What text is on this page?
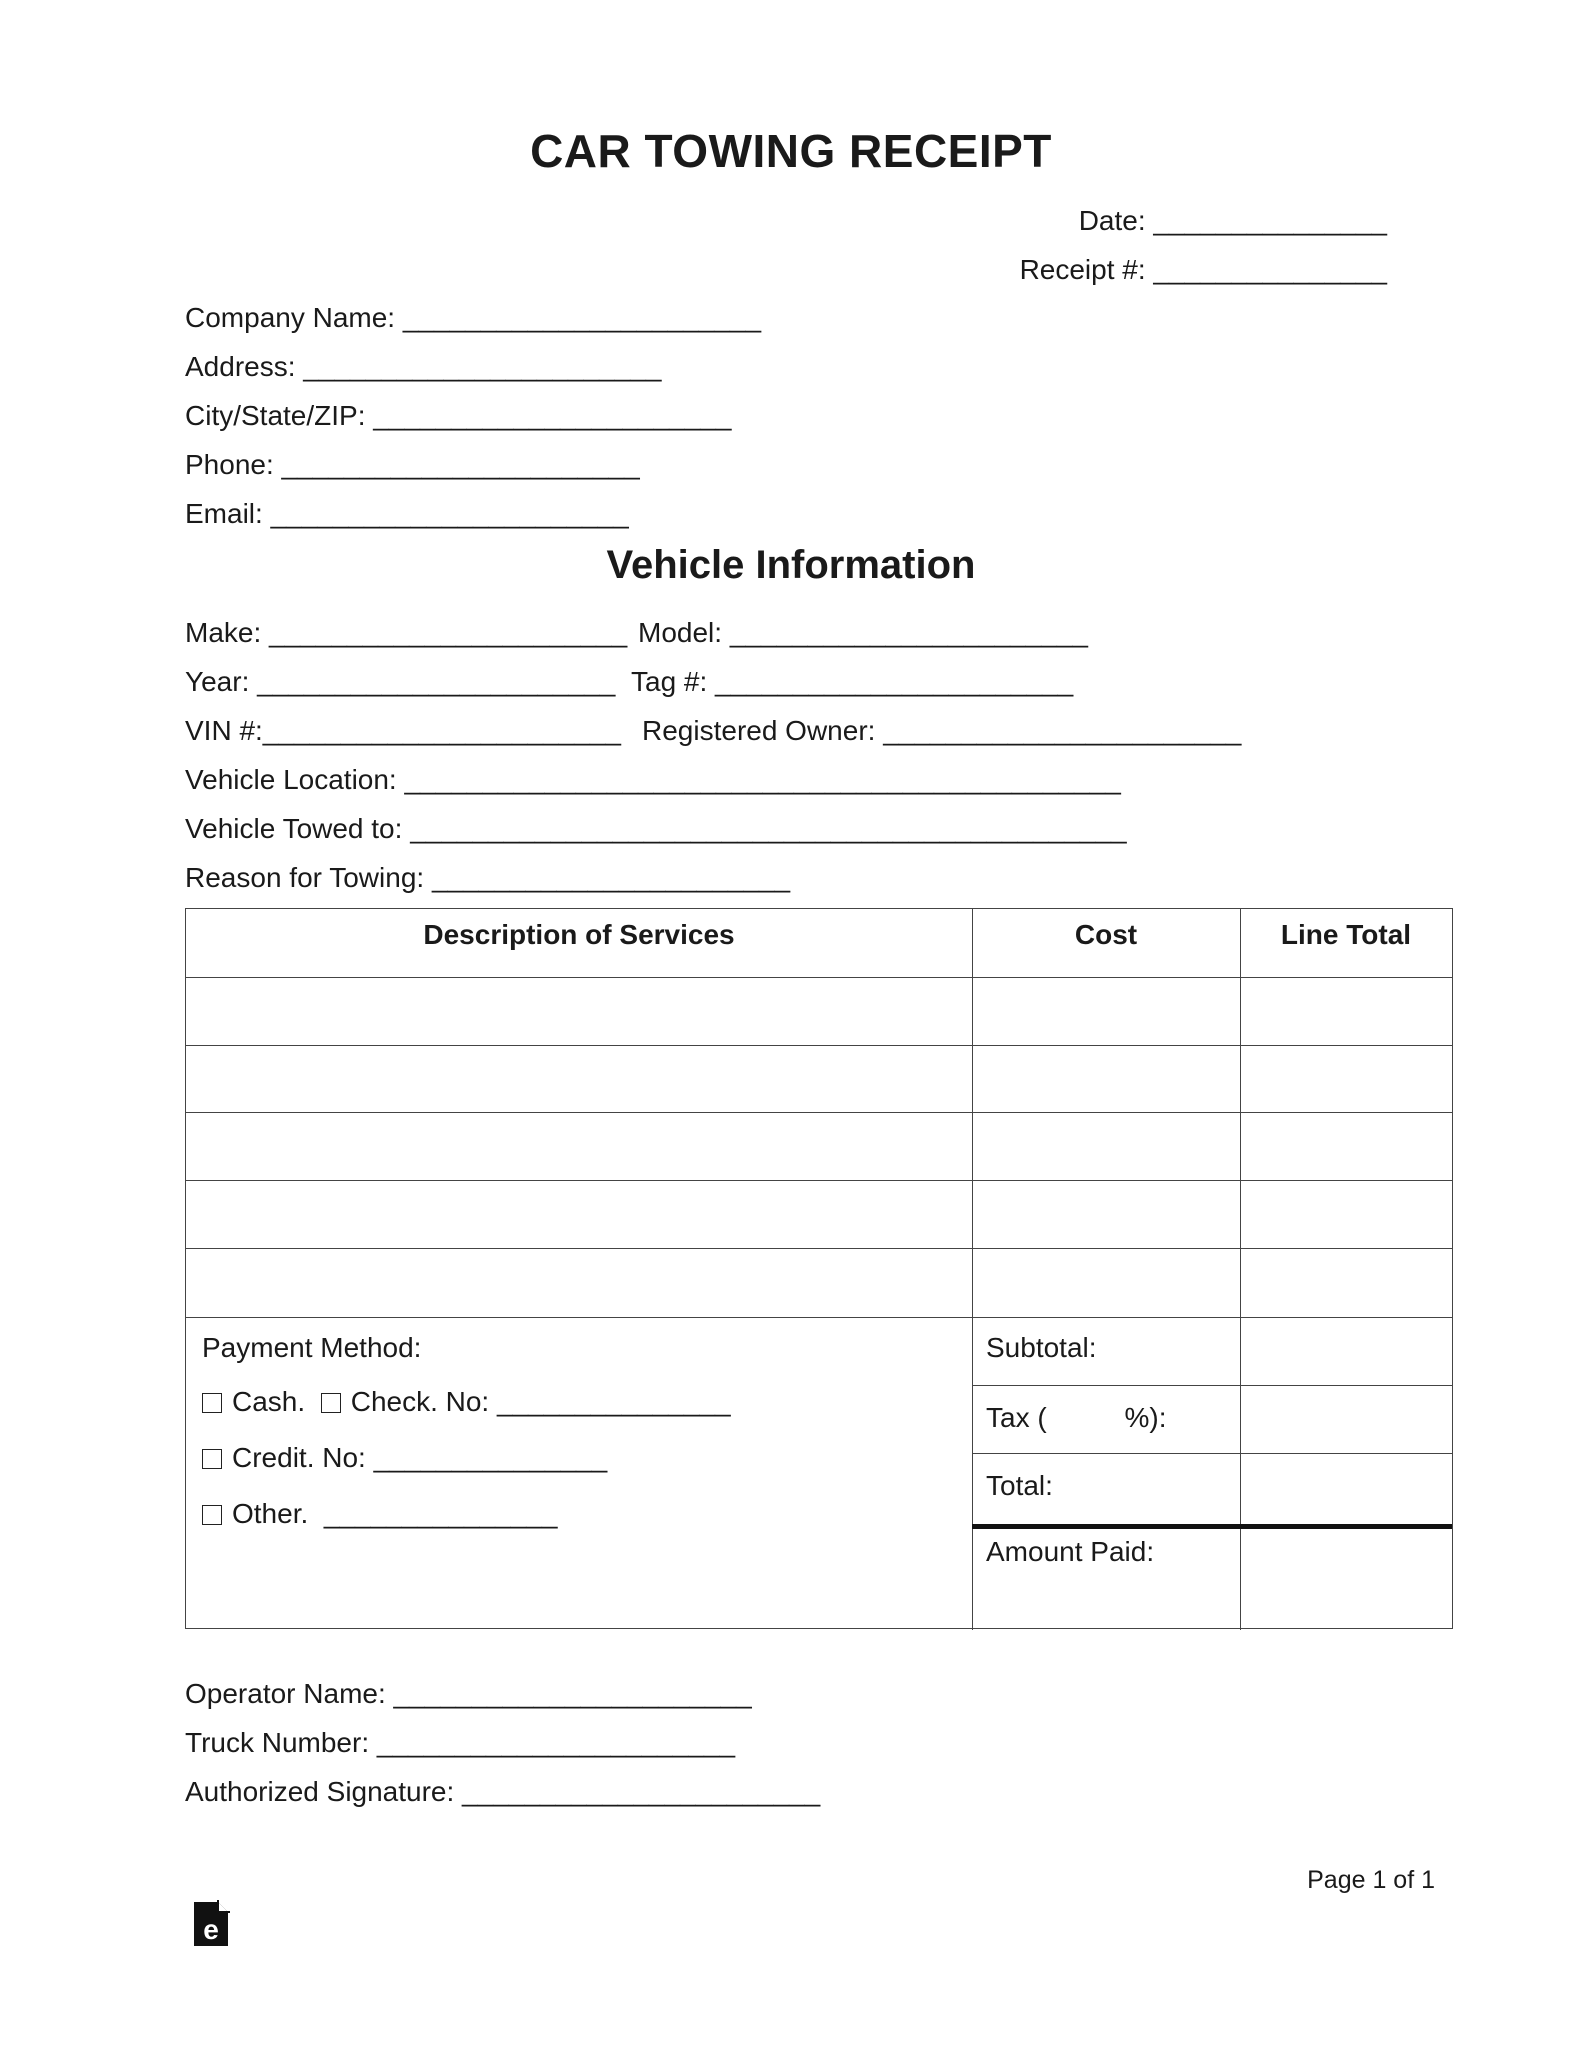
CAR TOWING RECEIPT
Date: _______________
Receipt #: _______________
Company Name: _______________________
Address: _______________________
City/State/ZIP: _______________________
Phone: _______________________
Email: _______________________
Vehicle Information
Make: _______________________ Model: _______________________
Year: _______________________ Tag #: _______________________
VIN #:_______________________ Registered Owner: _______________________
Vehicle Location: ______________________________________________
Vehicle Towed to: ______________________________________________
Reason for Towing: _______________________
Description of Services	Cost	Line Total
Payment Method:
Cash. Check. No: _______________
Credit. No: _______________
Other.  _______________
Subtotal:
Tax (          %):
Total:
Amount Paid:
Operator Name: _______________________
Truck Number: _______________________
Authorized Signature: _______________________
Page 1 of 1
e
